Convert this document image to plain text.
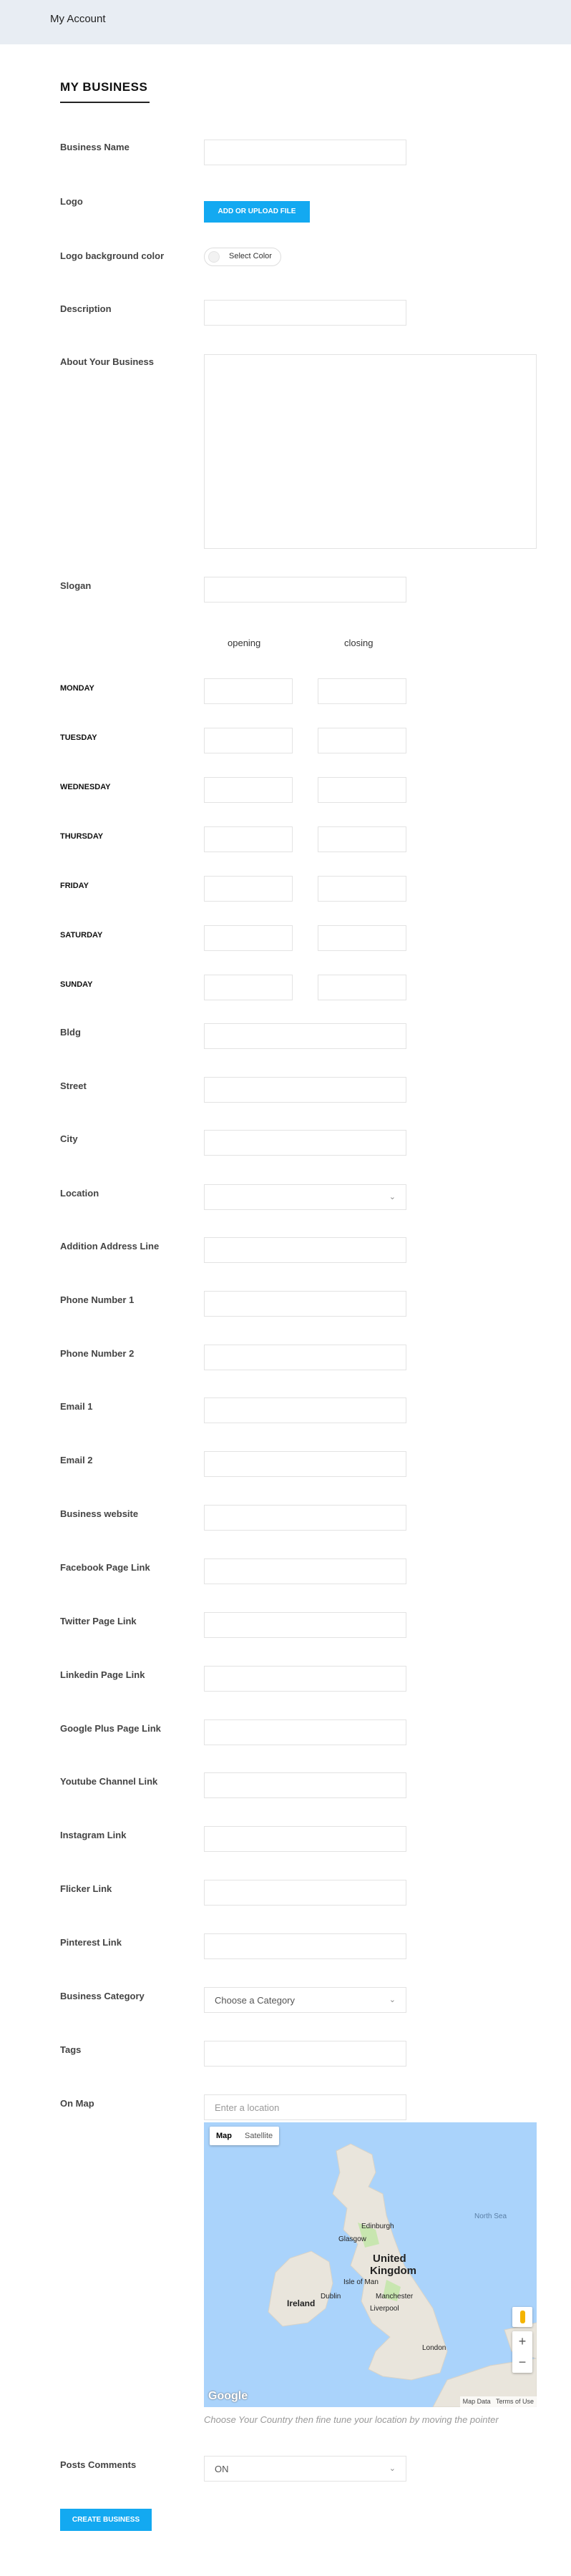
My Account
MY BUSINESS
Business Name
Logo
ADD OR UPLOAD FILE
Logo background color	Select Color
Description
About Your Business
Slogan
opening	closing
MONDAY
TUESDAY
WEDNESDAY
THURSDAY
FRIDAY
SATURDAY
SUNDAY
Bldg
Street
City
Location	⌄
Addition Address Line
Phone Number 1
Phone Number 2
Email 1
Email 2
Business website
Facebook Page Link
Twitter Page Link
Linkedin Page Link
Google Plus Page Link
Youtube Channel Link
Instagram Link
Flicker Link
Pinterest Link
Business Category	Choose a Category	⌄
Tags
On Map	Enter a location
Map Satellite
North Sea
Edinburgh
Glasgow
United
Kingdom
Isle of Man
Manchester
Dublin
Liverpool
Ireland
London	+
−
Google	Map Data Terms of Use
Choose Your Country then fine tune your location by moving the pointer
Posts Comments	ON	⌄
CREATE BUSINESS
